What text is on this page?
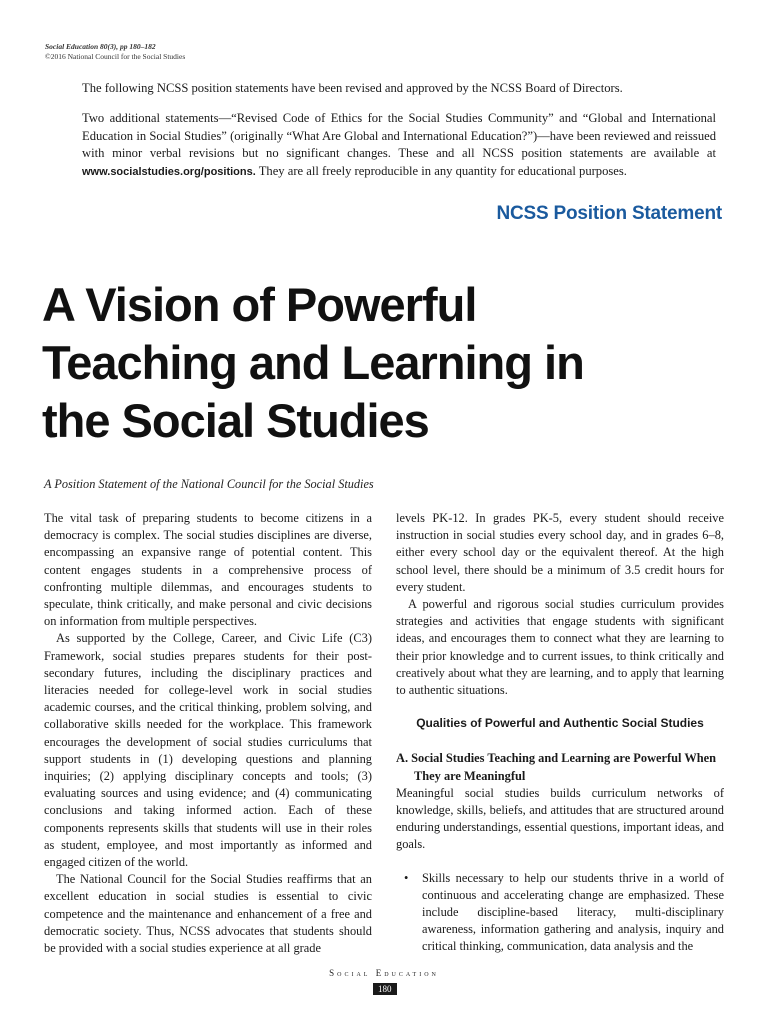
Social Education 80(3), pp 180–182
©2016 National Council for the Social Studies

The following NCSS position statements have been revised and approved by the NCSS Board of Directors.

Two additional statements—“Revised Code of Ethics for the Social Studies Community” and “Global and International Education in Social Studies” (originally “What Are Global and International Education?”)—have been reviewed and reissued with minor verbal revisions but no significant changes. These and all NCSS position statements are available at www.socialstudies.org/positions. They are all freely reproducible in any quantity for educational purposes.

NCSS Position Statement
A Vision of Powerful
Teaching and Learning in
the Social Studies
A Position Statement of the National Council for the Social Studies

The vital task of preparing students to become citizens in a democracy is complex. The social studies disciplines are diverse, encompassing an expansive range of potential content. This content engages students in a comprehensive process of confronting multiple dilemmas, and encourages students to speculate, think critically, and make personal and civic decisions on information from multiple perspectives.

As supported by the College, Career, and Civic Life (C3) Framework, social studies prepares students for their post-secondary futures, including the disciplinary practices and literacies needed for college-level work in social studies academic courses, and the critical thinking, problem solving, and collaborative skills needed for the workplace. This framework encourages the development of social studies curriculums that support students in (1) developing questions and planning inquiries; (2) applying disciplinary concepts and tools; (3) evaluating sources and using evidence; and (4) communicating conclusions and taking informed action. Each of these components represents skills that students will use in their roles as student, employee, and most importantly as informed and engaged citizen of the world.

The National Council for the Social Studies reaffirms that an excellent education in social studies is essential to civic competence and the maintenance and enhancement of a free and democratic society. Thus, NCSS advocates that students should be provided with a social studies experience at all grade

levels PK-12. In grades PK-5, every student should receive instruction in social studies every school day, and in grades 6–8, either every school day or the equivalent thereof. At the high school level, there should be a minimum of 3.5 credit hours for every student.

A powerful and rigorous social studies curriculum provides strategies and activities that engage students with significant ideas, and encourages them to connect what they are learning to their prior knowledge and to current issues, to think critically and creatively about what they are learning, and to apply that learning to authentic situations.

Qualities of Powerful and Authentic Social Studies

A. Social Studies Teaching and Learning are Powerful When They are Meaningful

Meaningful social studies builds curriculum networks of knowledge, skills, beliefs, and attitudes that are structured around enduring understandings, essential questions, important ideas, and goals.

• Skills necessary to help our students thrive in a world of continuous and accelerating change are emphasized. These include discipline-based literacy, multi-disciplinary awareness, information gathering and analysis, inquiry and critical thinking, communication, data analysis and the
Social Education
180
